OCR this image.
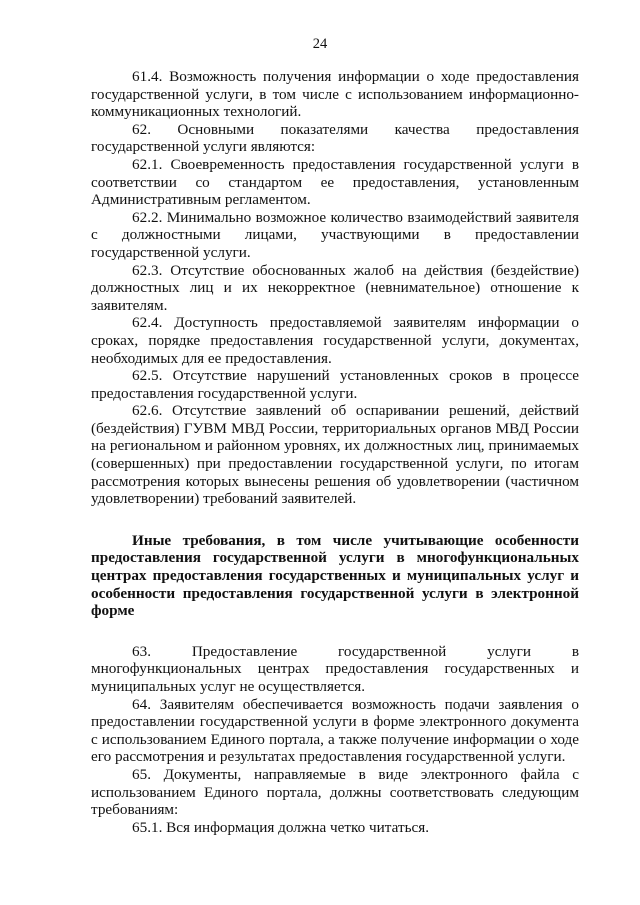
24

61.4. Возможность получения информации о ходе предоставления государственной услуги, в том числе с использованием информационно-коммуникационных технологий.

62. Основными показателями качества предоставления государственной услуги являются:

62.1. Своевременность предоставления государственной услуги в соответствии со стандартом ее предоставления, установленным Административным регламентом.

62.2. Минимально возможное количество взаимодействий заявителя с должностными лицами, участвующими в предоставлении государственной услуги.

62.3. Отсутствие обоснованных жалоб на действия (бездействие) должностных лиц и их некорректное (невнимательное) отношение к заявителям.

62.4. Доступность предоставляемой заявителям информации о сроках, порядке предоставления государственной услуги, документах, необходимых для ее предоставления.

62.5. Отсутствие нарушений установленных сроков в процессе предоставления государственной услуги.

62.6. Отсутствие заявлений об оспаривании решений, действий (бездействия) ГУВМ МВД России, территориальных органов МВД России на региональном и районном уровнях, их должностных лиц, принимаемых (совершенных) при предоставлении государственной услуги, по итогам рассмотрения которых вынесены решения об удовлетворении (частичном удовлетворении) требований заявителей.

Иные требования, в том числе учитывающие особенности предоставления государственной услуги в многофункциональных центрах предоставления государственных и муниципальных услуг и особенности предоставления государственной услуги в электронной форме

63. Предоставление государственной услуги в многофункциональных центрах предоставления государственных и муниципальных услуг не осуществляется.

64. Заявителям обеспечивается возможность подачи заявления о предоставлении государственной услуги в форме электронного документа с использованием Единого портала, а также получение информации о ходе его рассмотрения и результатах предоставления государственной услуги.

65. Документы, направляемые в виде электронного файла с использованием Единого портала, должны соответствовать следующим требованиям:

65.1. Вся информация должна четко читаться.
